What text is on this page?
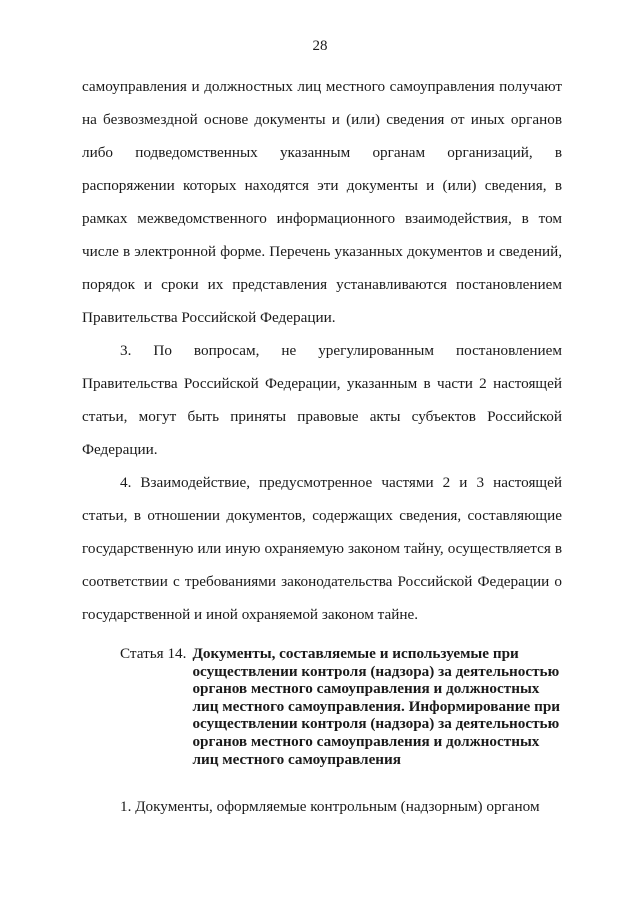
28

самоуправления и должностных лиц местного самоуправления получают на безвозмездной основе документы и (или) сведения от иных органов либо подведомственных указанным органам организаций, в распоряжении которых находятся эти документы и (или) сведения, в рамках межведомственного информационного взаимодействия, в том числе в электронной форме. Перечень указанных документов и сведений, порядок и сроки их представления устанавливаются постановлением Правительства Российской Федерации.

3. По вопросам, не урегулированным постановлением Правительства Российской Федерации, указанным в части 2 настоящей статьи, могут быть приняты правовые акты субъектов Российской Федерации.

4. Взаимодействие, предусмотренное частями 2 и 3 настоящей статьи, в отношении документов, содержащих сведения, составляющие государственную или иную охраняемую законом тайну, осуществляется в соответствии с требованиями законодательства Российской Федерации о государственной и иной охраняемой законом тайне.

Статья 14. Документы, составляемые и используемые при осуществлении контроля (надзора) за деятельностью органов местного самоуправления и должностных лиц местного самоуправления. Информирование при осуществлении контроля (надзора) за деятельностью органов местного самоуправления и должностных лиц местного самоуправления

1. Документы, оформляемые контрольным (надзорным) органом
